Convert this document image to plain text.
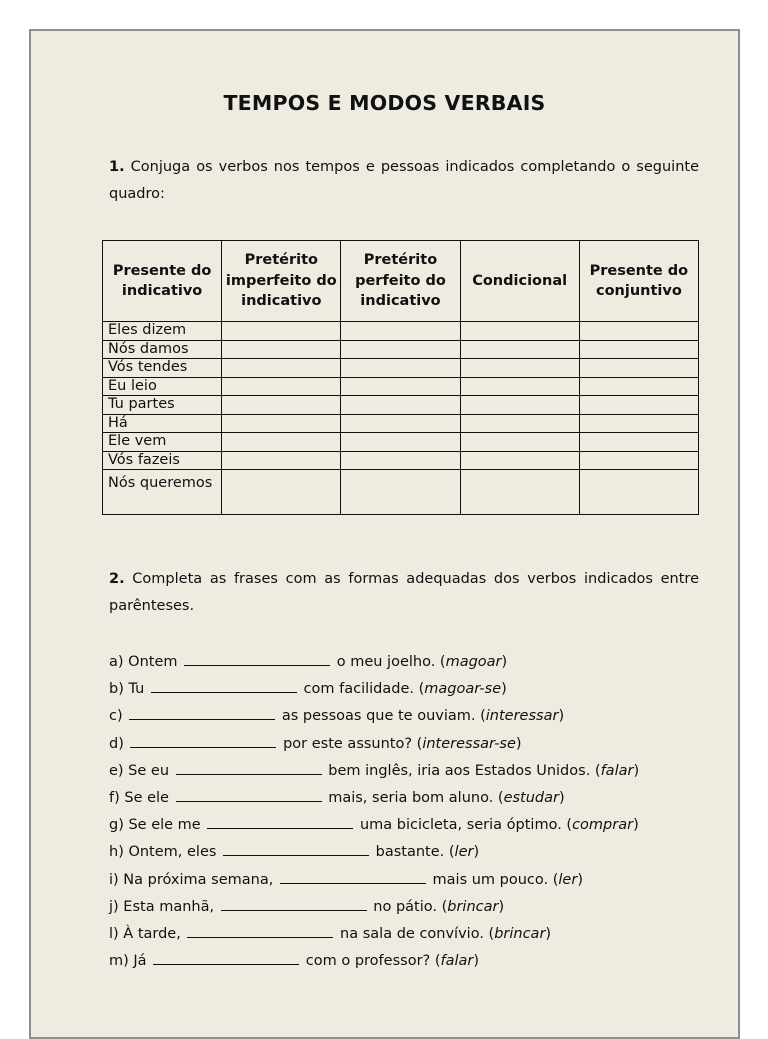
TEMPOS E MODOS VERBAIS
1. Conjuga os verbos nos tempos e pessoas indicados completando o seguinte quadro:
Presente do indicativo	Pretérito imperfeito do indicativo	Pretérito perfeito do indicativo	Condicional	Presente do conjuntivo
Eles dizem				
Nós damos				
Vós tendes				
Eu leio				
Tu partes				
Há				
Ele vem				
Vós fazeis				
Nós queremos				
2. Completa as frases com as formas adequadas dos verbos indicados entre parênteses.
a) Ontem	o meu joelho. (magoar)
b) Tu	com facilidade. (magoar-se)
c)	as pessoas que te ouviam. (interessar)
d)	por este assunto? (interessar-se)
e) Se eu	bem inglês, iria aos Estados Unidos. (falar)
f) Se ele	mais, seria bom aluno. (estudar)
g) Se ele me	uma bicicleta, seria óptimo. (comprar)
h) Ontem, eles	bastante. (ler)
i) Na próxima semana,	mais um pouco. (ler)
j) Esta manhã,	no pátio. (brincar)
l) À tarde,	na sala de convívio. (brincar)
m) Já	com o professor? (falar)
